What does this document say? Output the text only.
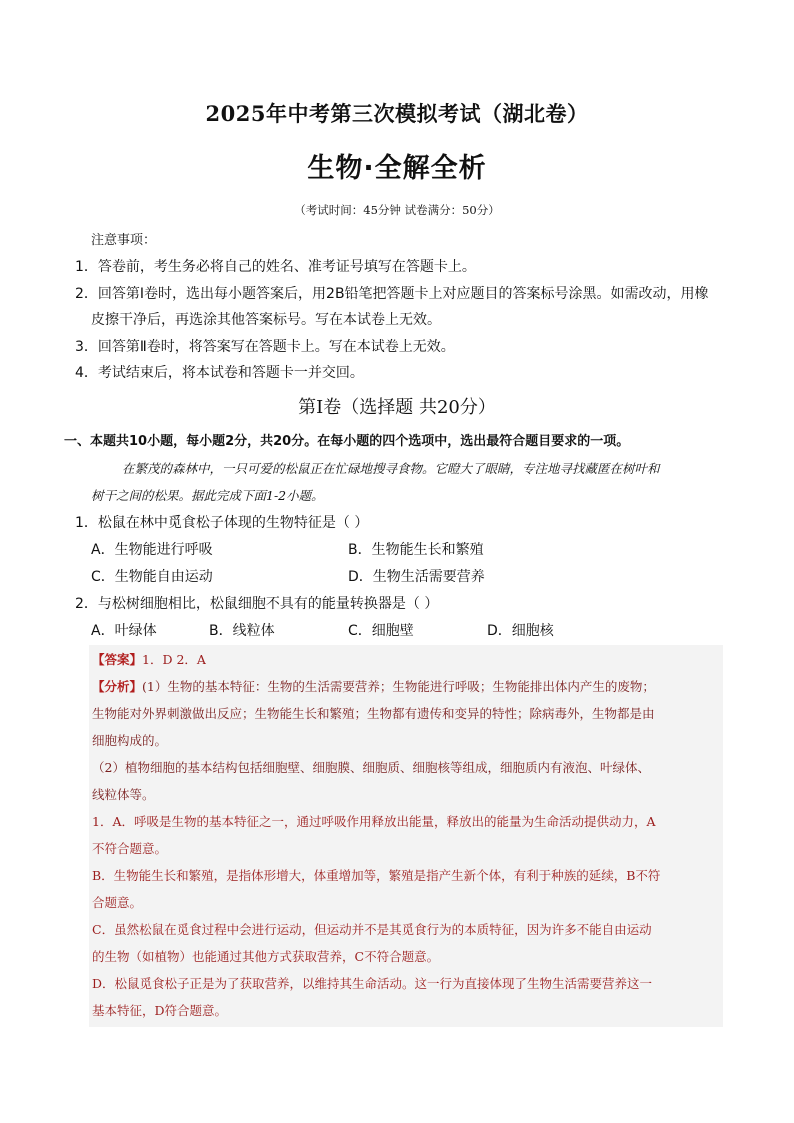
2025年中考第三次模拟考试（湖北卷）
生物·全解全析
（考试时间：45分钟 试卷满分：50分）
注意事项：
1．答卷前，考生务必将自己的姓名、准考证号填写在答题卡上。
2．回答第Ⅰ卷时，选出每小题答案后，用2B铅笔把答题卡上对应题目的答案标号涂黑。如需改动，用橡
皮擦干净后，再选涂其他答案标号。写在本试卷上无效。
3．回答第Ⅱ卷时，将答案写在答题卡上。写在本试卷上无效。
4．考试结束后，将本试卷和答题卡一并交回。
第Ⅰ卷（选择题 共20分）
一、本题共10小题，每小题2分，共20分。在每小题的四个选项中，选出最符合题目要求的一项。
在繁茂的森林中，一只可爱的松鼠正在忙碌地搜寻食物。它瞪大了眼睛，专注地寻找藏匿在树叶和
树干之间的松果。据此完成下面1-2小题。
1．松鼠在林中觅食松子体现的生物特征是（ ）
A．生物能进行呼吸	B．生物能生长和繁殖
C．生物能自由运动	D．生物生活需要营养
2．与松树细胞相比，松鼠细胞不具有的能量转换器是（ ）
A．叶绿体	B．线粒体	C．细胞壁	D．细胞核
【答案】1．D 2．A
【分析】(1）生物的基本特征：生物的生活需要营养；生物能进行呼吸；生物能排出体内产生的废物；
生物能对外界刺激做出反应；生物能生长和繁殖；生物都有遗传和变异的特性；除病毒外，生物都是由
细胞构成的。
（2）植物细胞的基本结构包括细胞壁、细胞膜、细胞质、细胞核等组成，细胞质内有液泡、叶绿体、
线粒体等。
1．A．呼吸是生物的基本特征之一，通过呼吸作用释放出能量，释放出的能量为生命活动提供动力，A
不符合题意。
B．生物能生长和繁殖，是指体形增大，体重增加等，繁殖是指产生新个体，有利于种族的延续，B不符
合题意。
C．虽然松鼠在觅食过程中会进行运动，但运动并不是其觅食行为的本质特征，因为许多不能自由运动
的生物（如植物）也能通过其他方式获取营养，C不符合题意。
D．松鼠觅食松子正是为了获取营养，以维持其生命活动。这一行为直接体现了生物生活需要营养这一
基本特征，D符合题意。
